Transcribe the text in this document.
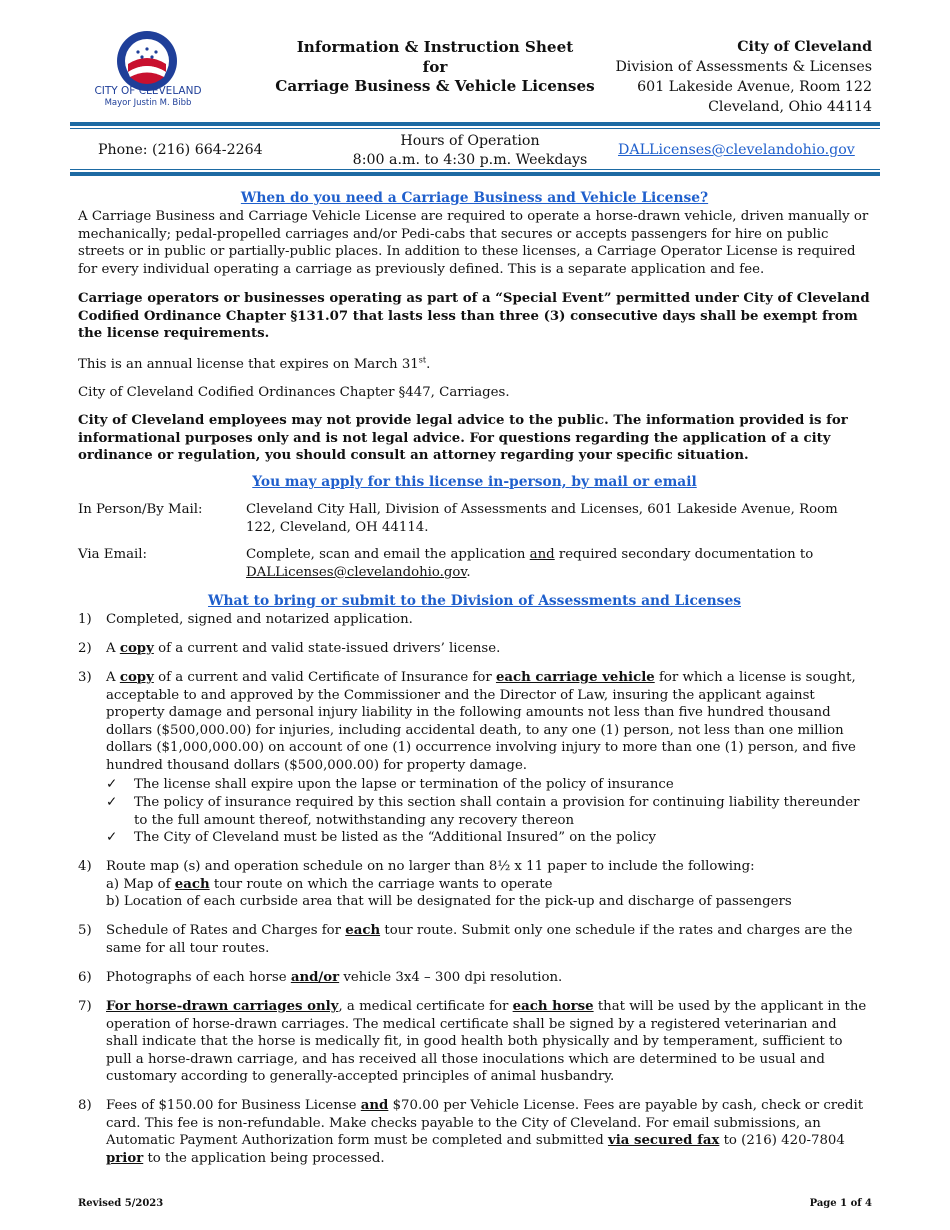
CITY OF CLEVELAND
Mayor Justin M. Bibb
Information & Instruction Sheet
for
Carriage Business & Vehicle Licenses
City of Cleveland
Division of Assessments & Licenses
601 Lakeside Avenue, Room 122
Cleveland, Ohio 44114
Phone: (216) 664-2264
Hours of Operation
8:00 a.m. to 4:30 p.m. Weekdays
DALLicenses@clevelandohio.gov
When do you need a Carriage Business and Vehicle License?

A Carriage Business and Carriage Vehicle License are required to operate a horse-drawn vehicle, driven manually or mechanically; pedal-propelled carriages and/or Pedi-cabs that secures or accepts passengers for hire on public streets or in public or partially-public places. In addition to these licenses, a Carriage Operator License is required for every individual operating a carriage as previously defined. This is a separate application and fee.

Carriage operators or businesses operating as part of a “Special Event” permitted under City of Cleveland Codified Ordinance Chapter §131.07 that lasts less than three (3) consecutive days shall be exempt from the license requirements.

This is an annual license that expires on March 31st.

City of Cleveland Codified Ordinances Chapter §447, Carriages.

City of Cleveland employees may not provide legal advice to the public. The information provided is for informational purposes only and is not legal advice. For questions regarding the application of a city ordinance or regulation, you should consult an attorney regarding your specific situation.

You may apply for this license in-person, by mail or email
In Person/By Mail:	Cleveland City Hall, Division of Assessments and Licenses, 601 Lakeside Avenue, Room 122, Cleveland, OH 44114.
Via Email:	Complete, scan and email the application and required secondary documentation to
DALLicenses@clevelandohio.gov.
What to bring or submit to the Division of Assessments and Licenses
1) Completed, signed and notarized application.
2) A copy of a current and valid state-issued drivers’ license.
3) A copy of a current and valid Certificate of Insurance for each carriage vehicle for which a license is sought, acceptable to and approved by the Commissioner and the Director of Law, insuring the applicant against property damage and personal injury liability in the following amounts not less than five hundred thousand dollars ($500,000.00) for injuries, including accidental death, to any one (1) person, not less than one million dollars ($1,000,000.00) on account of one (1) occurrence involving injury to more than one (1) person, and five hundred thousand dollars ($500,000.00) for property damage.
✓ The license shall expire upon the lapse or termination of the policy of insurance
✓ The policy of insurance required by this section shall contain a provision for continuing liability thereunder to the full amount thereof, notwithstanding any recovery thereon
✓ The City of Cleveland must be listed as the “Additional Insured” on the policy
4) Route map (s) and operation schedule on no larger than 8½ x 11 paper to include the following:
a) Map of each tour route on which the carriage wants to operate
b) Location of each curbside area that will be designated for the pick-up and discharge of passengers
5) Schedule of Rates and Charges for each tour route. Submit only one schedule if the rates and charges are the same for all tour routes.
6) Photographs of each horse and/or vehicle 3x4 – 300 dpi resolution.
7) For horse-drawn carriages only, a medical certificate for each horse that will be used by the applicant in the operation of horse-drawn carriages. The medical certificate shall be signed by a registered veterinarian and shall indicate that the horse is medically fit, in good health both physically and by temperament, sufficient to pull a horse-drawn carriage, and has received all those inoculations which are determined to be usual and customary according to generally-accepted principles of animal husbandry.
8) Fees of $150.00 for Business License and $70.00 per Vehicle License. Fees are payable by cash, check or credit card. This fee is non-refundable. Make checks payable to the City of Cleveland. For email submissions, an Automatic Payment Authorization form must be completed and submitted via secured fax to (216) 420-7804 prior to the application being processed.
Revised 5/2023	Page 1 of 4
